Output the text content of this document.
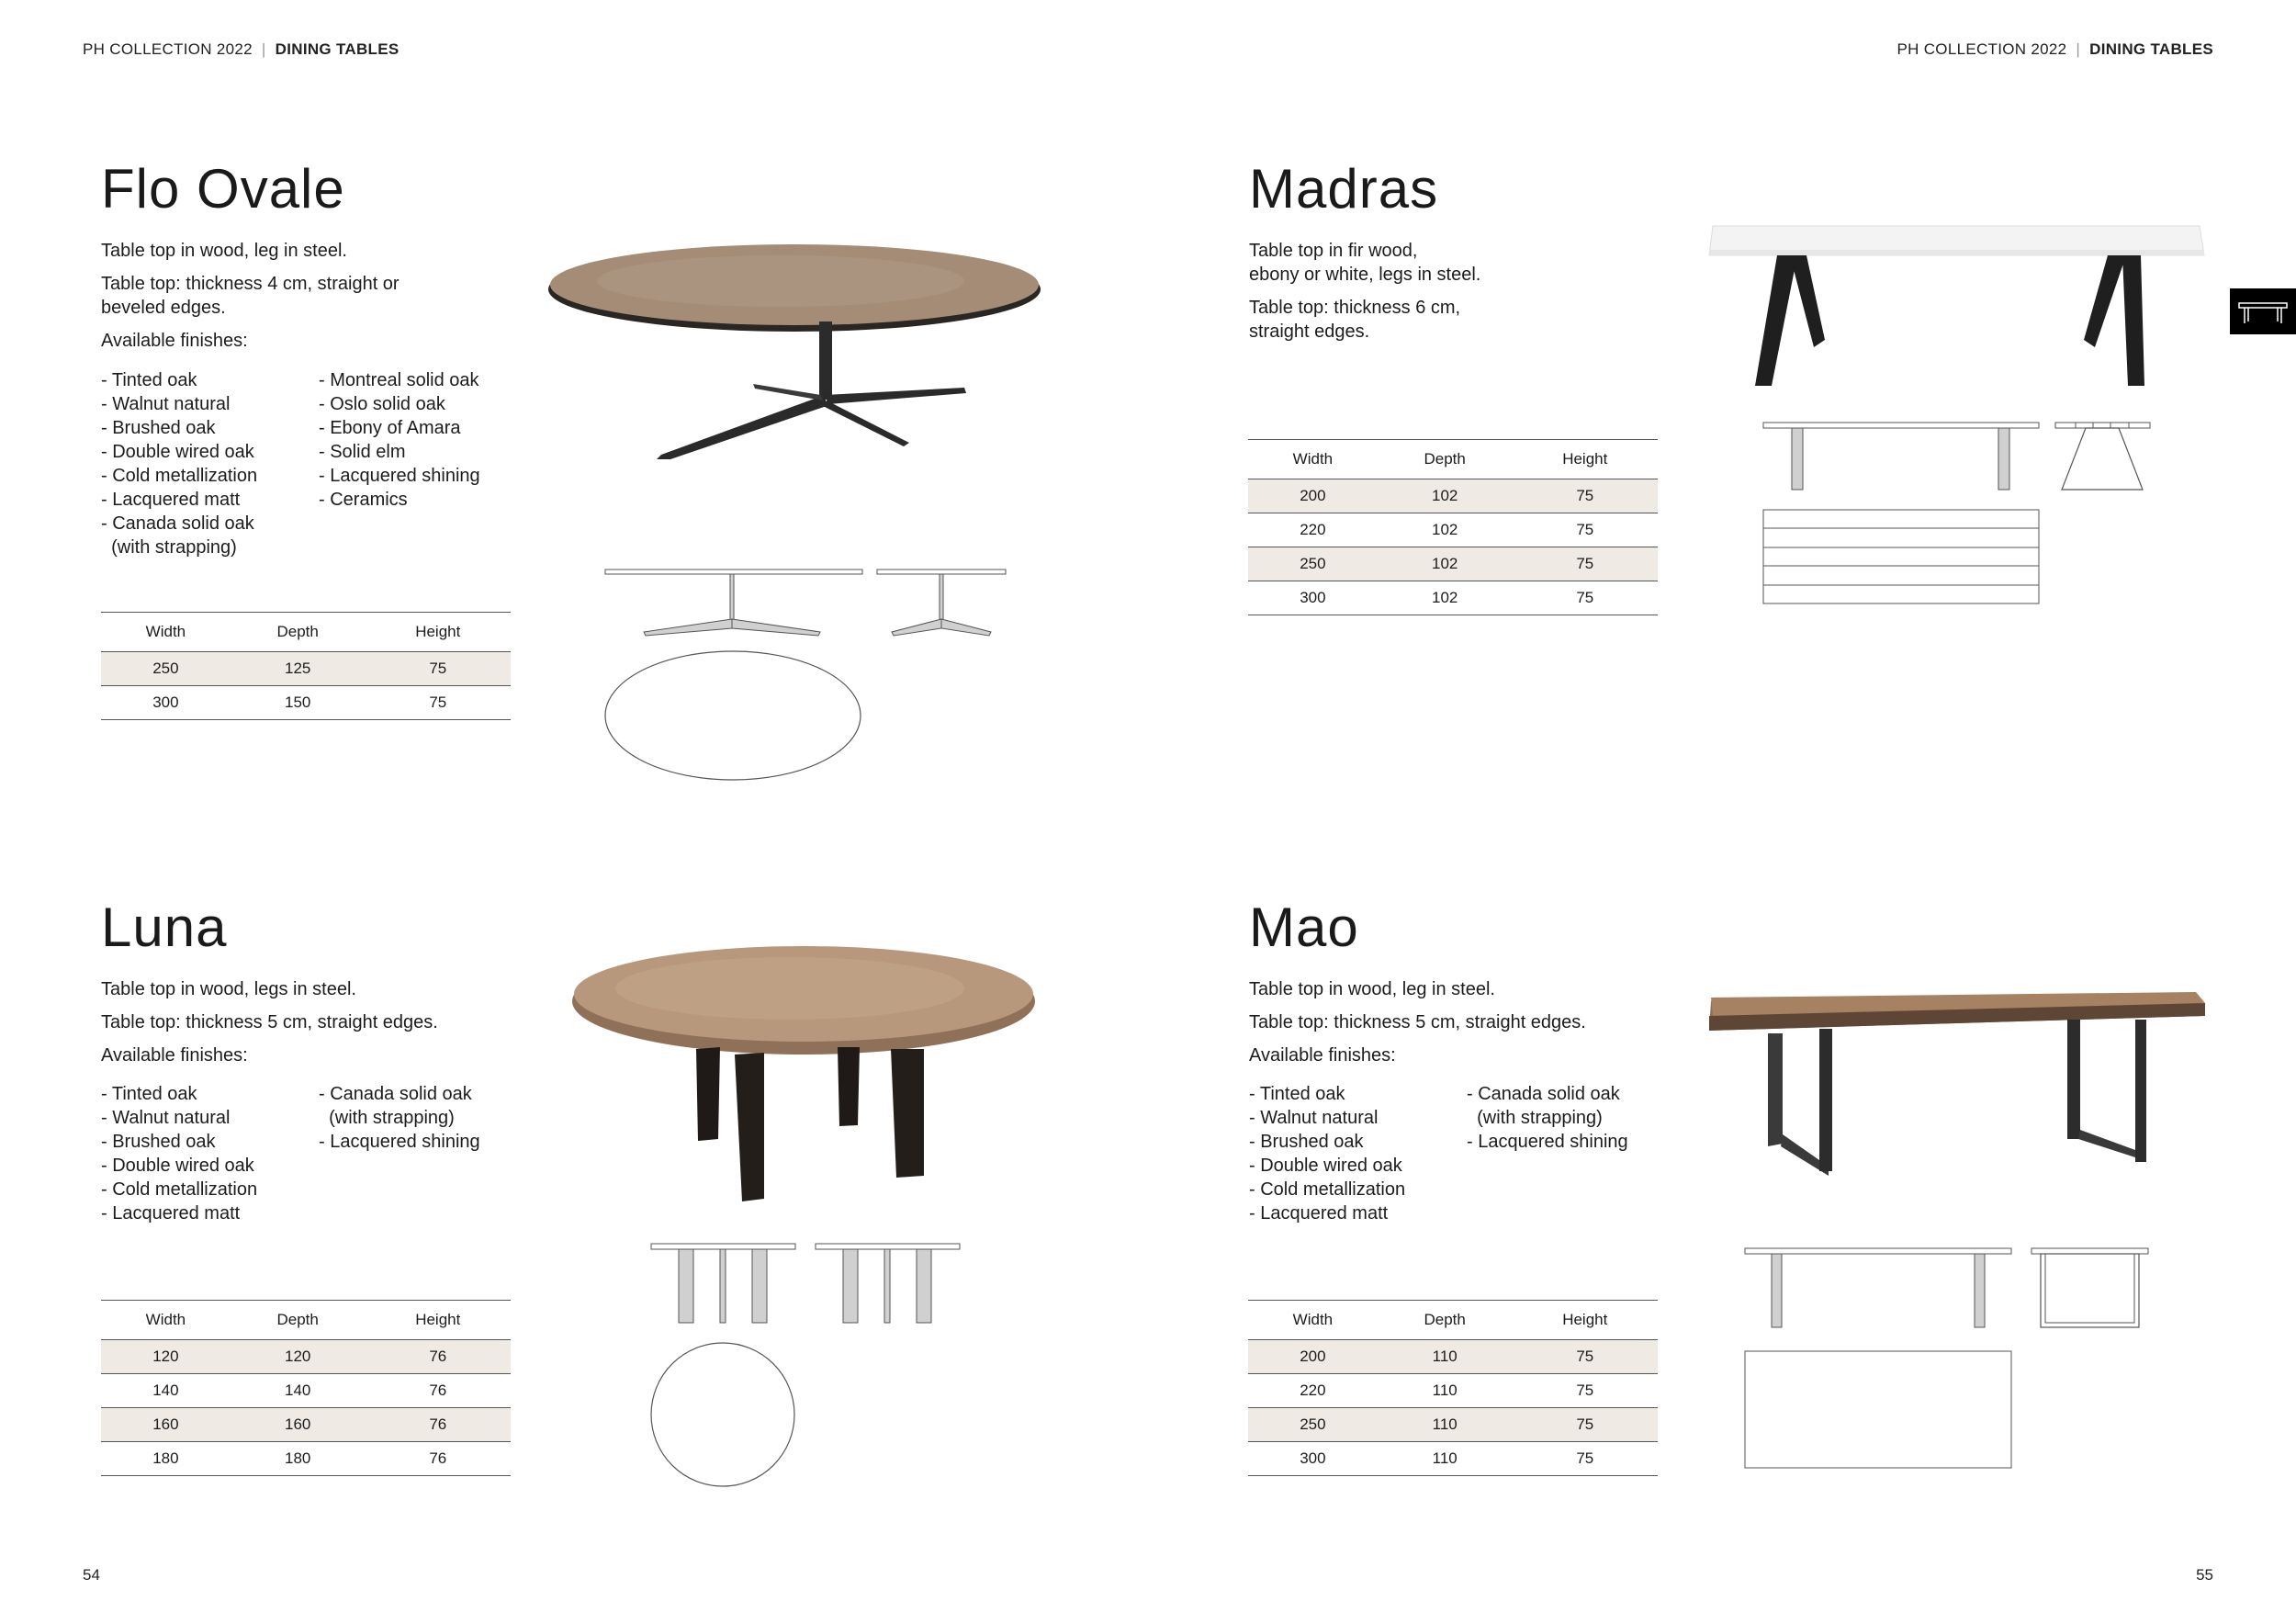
PH COLLECTION 2022 | DINING TABLES	PH COLLECTION 2022 | DINING TABLES
Flo Ovale

Table top in wood, leg in steel.

Table top: thickness 4 cm, straight or
beveled edges.

Available finishes:

- Tinted oak
- Walnut natural
- Brushed oak
- Double wired oak
- Cold metallization
- Lacquered matt
- Canada solid oak
(with strapping)
- Montreal solid oak
- Oslo solid oak
- Ebony of Amara
- Solid elm
- Lacquered shining
- Ceramics
Width	Depth	Height
250	125	75
300	150	75
Madras

Table top in fir wood,
ebony or white, legs in steel.

Table top: thickness 6 cm,
straight edges.

Width	Depth	Height
200	102	75
220	102	75
250	102	75
300	102	75
Luna

Table top in wood, legs in steel.

Table top: thickness 5 cm, straight edges.

Available finishes:

- Tinted oak
- Walnut natural
- Brushed oak
- Double wired oak
- Cold metallization
- Lacquered matt
- Canada solid oak
(with strapping)
- Lacquered shining
Width	Depth	Height
120	120	76
140	140	76
160	160	76
180	180	76
Mao

Table top in wood, leg in steel.

Table top: thickness 5 cm, straight edges.

Available finishes:

- Tinted oak
- Walnut natural
- Brushed oak
- Double wired oak
- Cold metallization
- Lacquered matt
- Canada solid oak
(with strapping)
- Lacquered shining
Width	Depth	Height
200	110	75
220	110	75
250	110	75
300	110	75
54	55
